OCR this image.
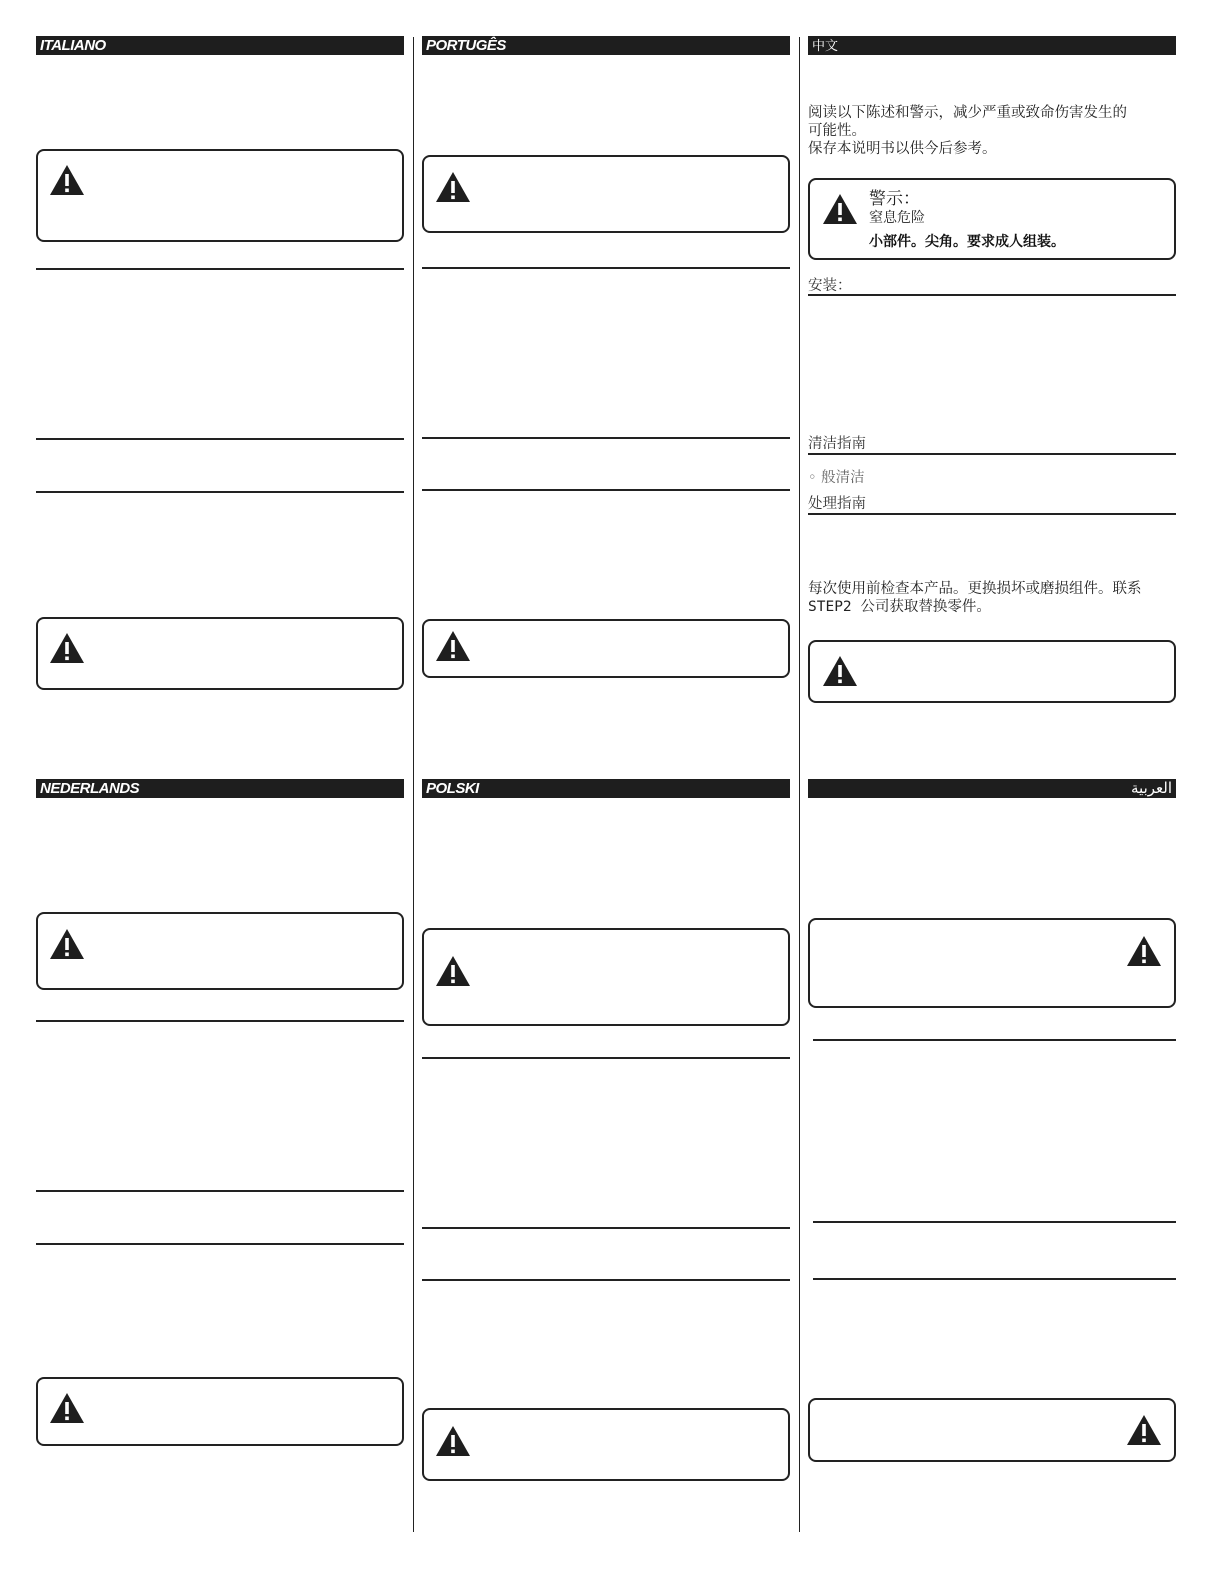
ITALIANO	PORTUGÊS	中文
阅读以下陈述和警示，减少严重或致命伤害发生的
可能性。
保存本说明书以供今后参考。
警示：
窒息危险
小部件。尖角。要求成人组装。
安装：
清洁指南
◦ 般清洁
处理指南
每次使用前检查本产品。更换损坏或磨损组件。联系
STEP2 公司获取替换零件。
NEDERLANDS	POLSKI	العربية
